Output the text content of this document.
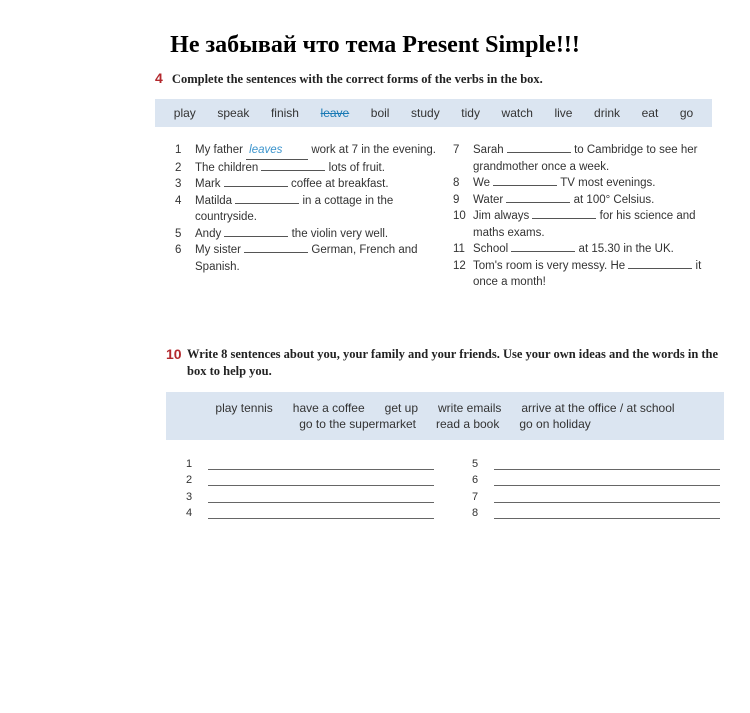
Не забывай что тема Present Simple!!!
4 Complete the sentences with the correct forms of the verbs in the box.
play speak finish leave boil study tidy watch live drink eat go
1	My father leaves work at 7 in the evening.
2	The children	lots of fruit.
3	Mark	coffee at breakfast.
4	Matilda	in a cottage in the countryside.
5	Andy	the violin very well.
6	My sister	German, French and Spanish.
7	Sarah	to Cambridge to see her grandmother once a week.
8	We	TV most evenings.
9	Water	at 100° Celsius.
10 Jim always	for his science and maths exams.
11 School	at 15.30 in the UK.
12 Tom's room is very messy. He	it once a month!
10 Write 8 sentences about you, your family and your friends. Use your own ideas and the words in the box to help you.
play tennis have a coffee get up write emails arrive at the office / at school
go to the supermarket read a book go on holiday
1
2
3
4
5
6
7
8
